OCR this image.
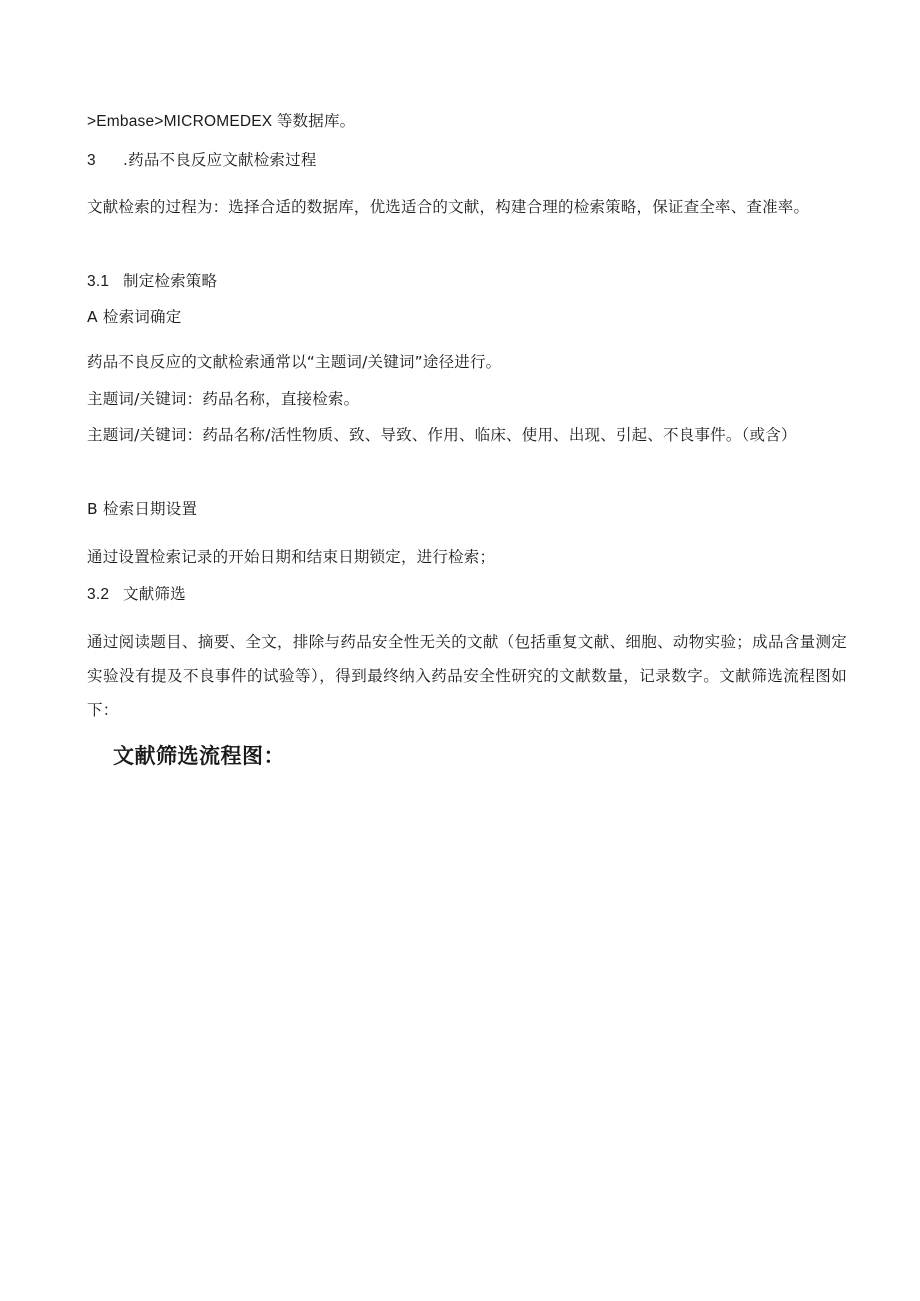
>Embase>MICROMEDEX 等数据库。
3 .药品不良反应文献检索过程
文献检索的过程为：选择合适的数据库，优选适合的文献，构建合理的检索策略，保证查全率、查准率。
3.1 制定检索策略
A 检索词确定
药品不良反应的文献检索通常以“主题词/关键词”途径进行。
主题词/关键词：药品名称，直接检索。
主题词/关键词：药品名称/活性物质、致、导致、作用、临床、使用、出现、引起、不良事件。（或含）
B 检索日期设置
通过设置检索记录的开始日期和结束日期锁定，进行检索；
3.2 文献筛选
通过阅读题目、摘要、全文，排除与药品安全性无关的文献（包括重复文献、细胞、动物实验；成品含量测定实验没有提及不良事件的试验等），得到最终纳入药品安全性研究的文献数量，记录数字。文献筛选流程图如下：
文献筛选流程图：
